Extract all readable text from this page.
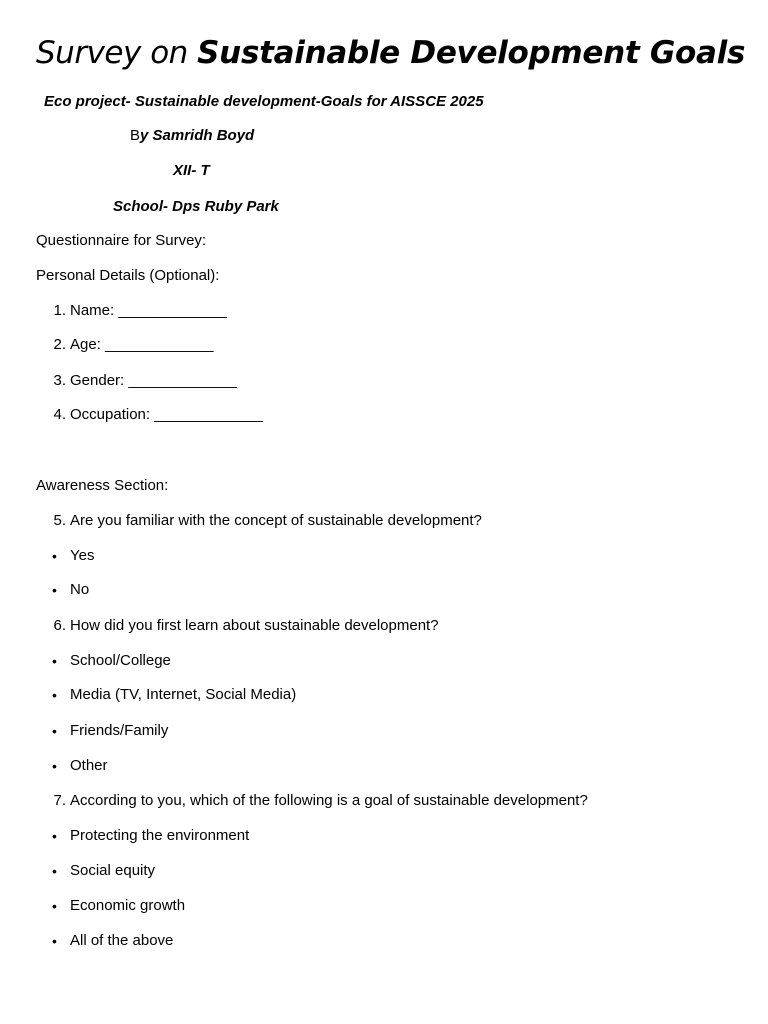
Survey on Sustainable Development Goals
Eco project- Sustainable development-Goals for AISSCE 2025
By Samridh Boyd
XII- T
School- Dps Ruby Park
Questionnaire for Survey:
Personal Details (Optional):
1. Name: _____________
2. Age: _____________
3. Gender: _____________
4. Occupation: _____________
Awareness Section:
5. Are you familiar with the concept of sustainable development?
• Yes
• No
6. How did you first learn about sustainable development?
• School/College
• Media (TV, Internet, Social Media)
• Friends/Family
• Other
7. According to you, which of the following is a goal of sustainable development?
• Protecting the environment
• Social equity
• Economic growth
• All of the above
